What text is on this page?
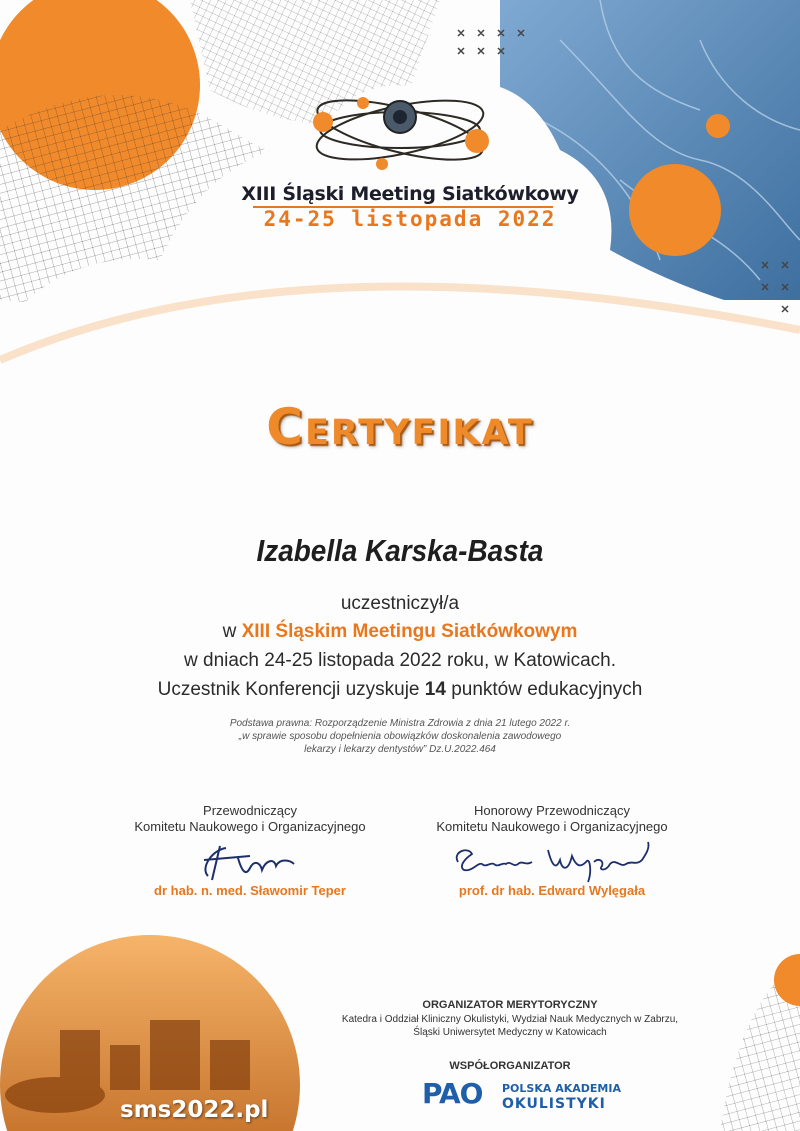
XIII Śląski Meeting Siatkówkowy
24-25 listopada 2022
Certyfikat
Izabella Karska-Basta
uczestniczył/a
w XIII Śląskim Meetingu Siatkówkowym
w dniach 24-25 listopada 2022 roku, w Katowicach.
Uczestnik Konferencji uzyskuje 14 punktów edukacyjnych
Podstawa prawna: Rozporządzenie Ministra Zdrowia z dnia 21 lutego 2022 r.
„w sprawie sposobu dopełnienia obowiązków doskonalenia zawodowego
lekarzy i lekarzy dentystów” Dz.U.2022.464
Przewodniczący
Komitetu Naukowego i Organizacyjnego
dr hab. n. med. Sławomir Teper
Honorowy Przewodniczący
Komitetu Naukowego i Organizacyjnego
prof. dr hab. Edward Wylęgała
ORGANIZATOR MERYTORYCZNY
Katedra i Oddział Kliniczny Okulistyki, Wydział Nauk Medycznych w Zabrzu,
Śląski Uniwersytet Medyczny w Katowicach
WSPÓŁORGANIZATOR
PAO POLSKA AKADEMIA
OKULISTYKI
sms2022.pl
